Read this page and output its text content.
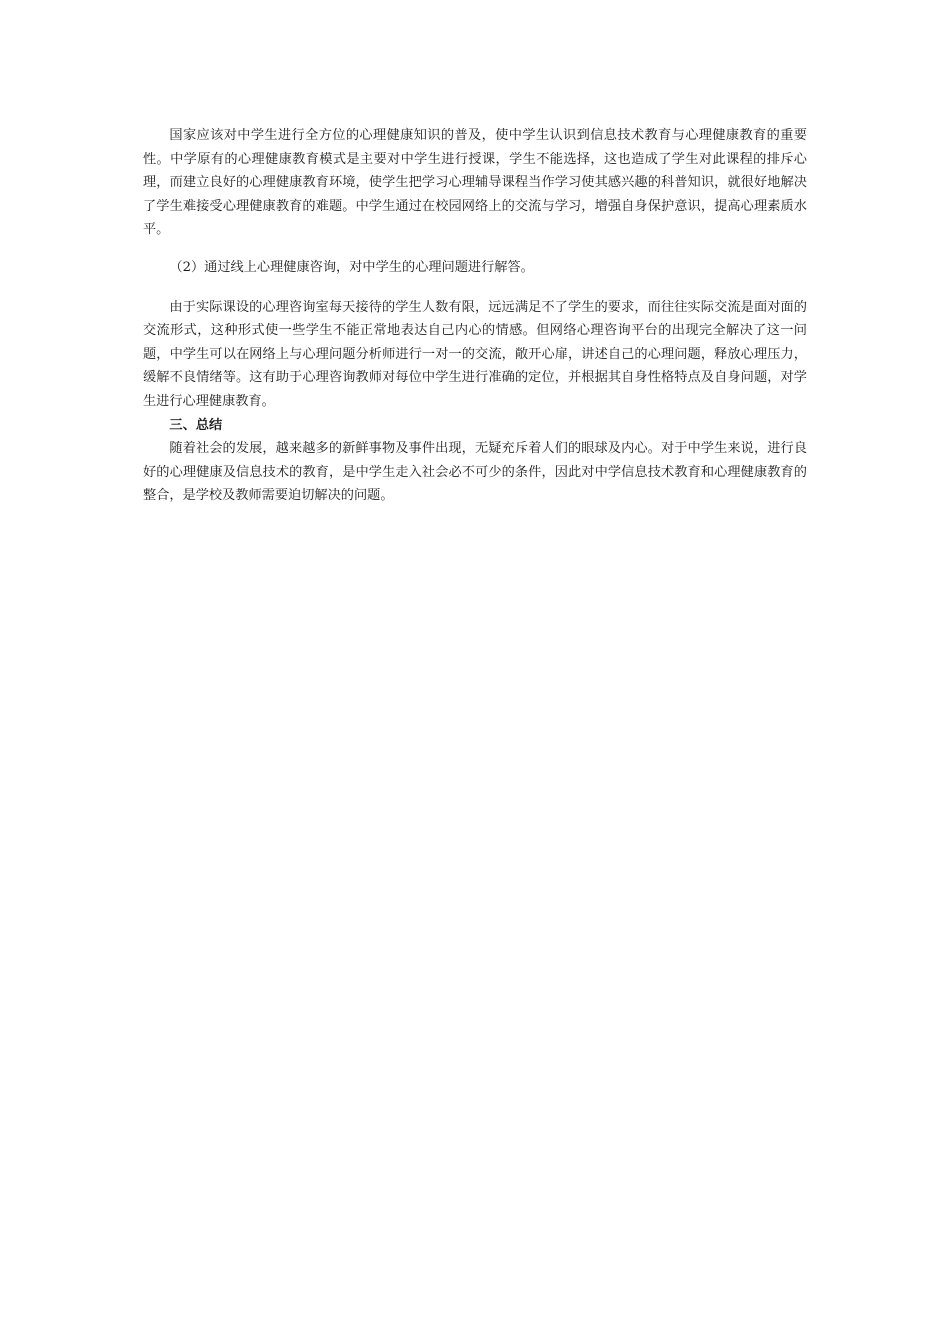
国家应该对中学生进行全方位的心理健康知识的普及，使中学生认识到信息技术教育与心理健康教育的重要性。中学原有的心理健康教育模式是主要对中学生进行授课，学生不能选择，这也造成了学生对此课程的排斥心理，而建立良好的心理健康教育环境，使学生把学习心理辅导课程当作学习使其感兴趣的科普知识，就很好地解决了学生难接受心理健康教育的难题。中学生通过在校园网络上的交流与学习，增强自身保护意识，提高心理素质水平。

（2）通过线上心理健康咨询，对中学生的心理问题进行解答。

由于实际课设的心理咨询室每天接待的学生人数有限，远远满足不了学生的要求，而往往实际交流是面对面的交流形式，这种形式使一些学生不能正常地表达自己内心的情感。但网络心理咨询平台的出现完全解决了这一问题，中学生可以在网络上与心理问题分析师进行一对一的交流，敞开心扉，讲述自己的心理问题，释放心理压力，缓解不良情绪等。这有助于心理咨询教师对每位中学生进行准确的定位，并根据其自身性格特点及自身问题，对学生进行心理健康教育。

三、总结

随着社会的发展，越来越多的新鲜事物及事件出现，无疑充斥着人们的眼球及内心。对于中学生来说，进行良好的心理健康及信息技术的教育，是中学生走入社会必不可少的条件，因此对中学信息技术教育和心理健康教育的整合，是学校及教师需要迫切解决的问题。
